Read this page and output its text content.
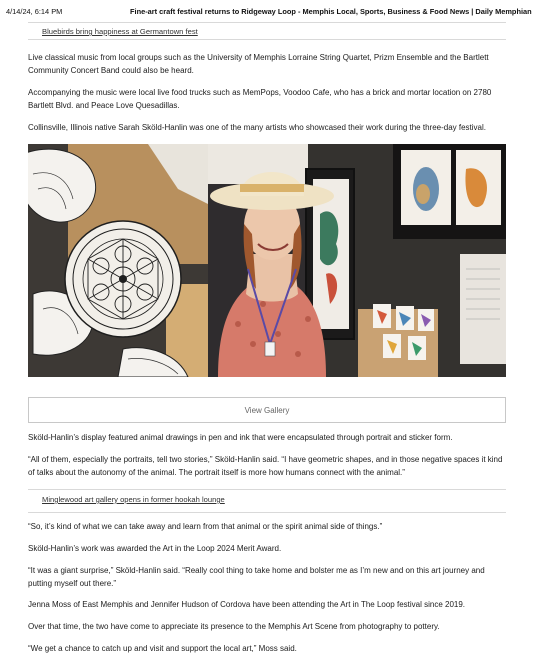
4/14/24, 6:14 PM	Fine-art craft festival returns to Ridgeway Loop - Memphis Local, Sports, Business & Food News | Daily Memphian
Bluebirds bring happiness at Germantown fest

Live classical music from local groups such as the University of Memphis Lorraine String Quartet, Prizm Ensemble and the Bartlett Community Concert Band could also be heard.

Accompanying the music were local live food trucks such as MemPops, Voodoo Cafe, who has a brick and mortar location on 2780 Bartlett Blvd. and Peace Love Quesadillas.

Collinsville, Illinois native Sarah Sköld-Hanlin was one of the many artists who showcased their work during the three-day festival.

View Gallery

Sköld-Hanlin’s display featured animal drawings in pen and ink that were encapsulated through portrait and sticker form.

“All of them, especially the portraits, tell two stories,” Sköld-Hanlin said. “I have geometric shapes, and in those negative spaces it kind of talks about the autonomy of the animal. The portrait itself is more how humans connect with the animal.”

Minglewood art gallery opens in former hookah lounge

“So, it’s kind of what we can take away and learn from that animal or the spirit animal side of things.”

Sköld-Hanlin’s work was awarded the Art in the Loop 2024 Merit Award.

“It was a giant surprise,” Sköld-Hanlin said. “Really cool thing to take home and bolster me as I’m new and on this art journey and putting myself out there.”

Jenna Moss of East Memphis and Jennifer Hudson of Cordova have been attending the Art in The Loop festival since 2019.

Over that time, the two have come to appreciate its presence to the Memphis Art Scene from photography to pottery.

“We get a chance to catch up and visit and support the local art,” Moss said.
